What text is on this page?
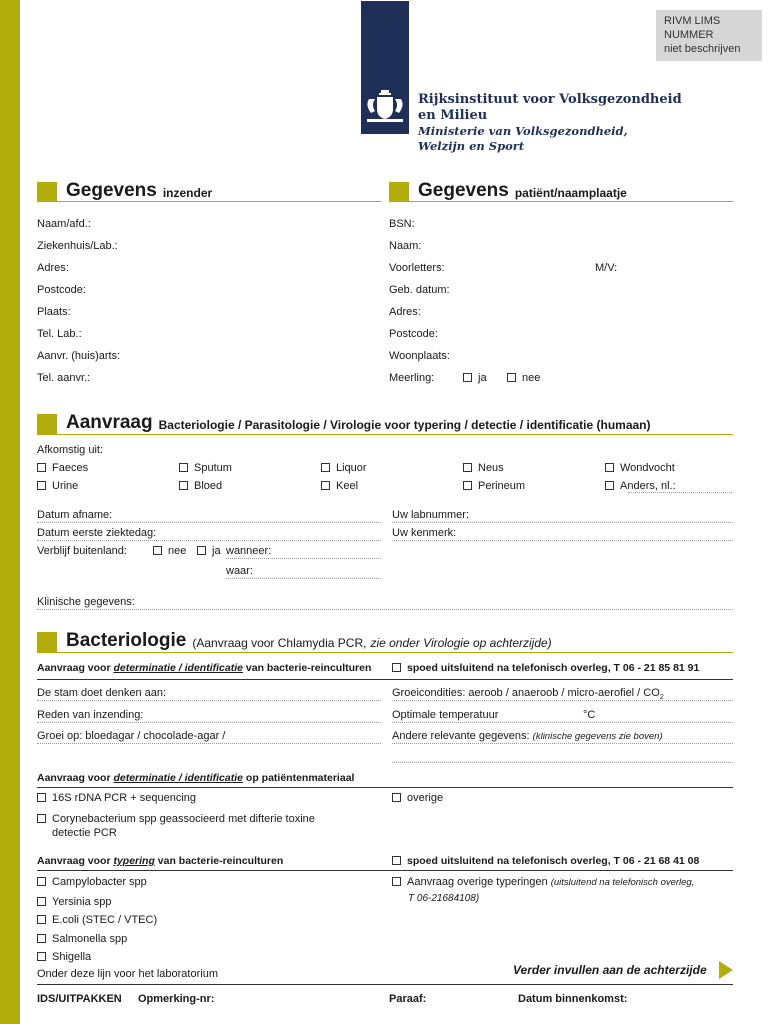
RIVM LIMS
NUMMER
niet beschrijven
Rijksinstituut voor Volksgezondheid
en Milieu
Ministerie van Volksgezondheid,
Welzijn en Sport
Gegevens inzender	Gegevens patiënt/naamplaatje
Naam/afd.:
Ziekenhuis/Lab.:
Adres:
Postcode:
Plaats:
Tel. Lab.:
Aanvr. (huis)arts:
Tel. aanvr.:
BSN:
Naam:
Voorletters:	M/V:
Geb. datum:
Adres:
Postcode:
Woonplaats:
Meerling:	ja	nee
Aanvraag Bacteriologie / Parasitologie / Virologie voor typering / detectie / identificatie (humaan)
Afkomstig uit:
Faeces	Sputum	Liquor	Neus	Wondvocht
Urine	Bloed	Keel	Perineum	Anders, nl.:
Datum afname:
Datum eerste ziektedag:
Verblijf buitenland:	nee	ja wanneer:
waar:
Uw labnummer:
Uw kenmerk:
Klinische gegevens:
Bacteriologie (Aanvraag voor Chlamydia PCR, zie onder Virologie op achterzijde)
Aanvraag voor determinatie / identificatie van bacterie-reinculturen	spoed uitsluitend na telefonisch overleg, T 06 - 21 85 81 91
De stam doet denken aan:
Reden van inzending:
Groei op: bloedagar / chocolade-agar /
Groeicondities: aeroob / anaeroob / micro-aerofiel / $CO_2$
Optimale temperatuur	°C
Andere relevante gegevens: (klinische gegevens zie boven)
Aanvraag voor determinatie / identificatie op patiëntenmateriaal
16S rDNA PCR + sequencing	overige
Corynebacterium spp geassocieerd met difterie toxine
detectie PCR
Aanvraag voor typering van bacterie-reinculturen	spoed uitsluitend na telefonisch overleg, T 06 - 21 68 41 08
Campylobacter spp
Yersinia spp
E.coli (STEC / VTEC)
Salmonella spp
Shigella
Aanvraag overige typeringen (uitsluitend na telefonisch overleg,
T 06-21684108)
Onder deze lijn voor het laboratorium	Verder invullen aan de achterzijde
IDS/UITPAKKEN Opmerking-nr:	Paraaf:	Datum binnenkomst:
